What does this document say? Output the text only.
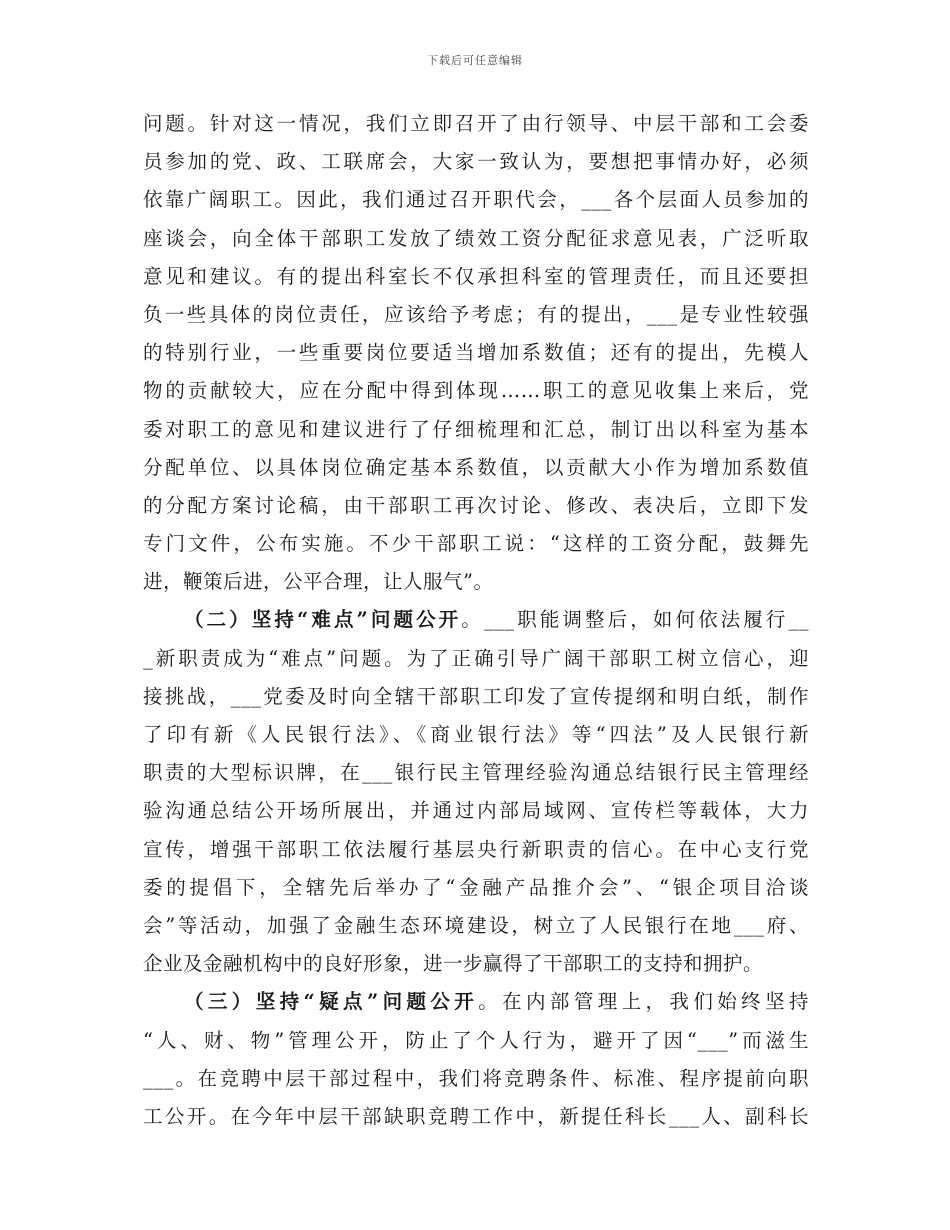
下载后可任意编辑
问题。针对这一情况，我们立即召开了由行领导、中层干部和工会委
员参加的党、政、工联席会，大家一致认为，要想把事情办好，必须
依靠广阔职工。因此，我们通过召开职代会，___各个层面人员参加的
座谈会，向全体干部职工发放了绩效工资分配征求意见表，广泛听取
意见和建议。有的提出科室长不仅承担科室的管理责任，而且还要担
负一些具体的岗位责任，应该给予考虑；有的提出，___是专业性较强
的特别行业，一些重要岗位要适当增加系数值；还有的提出，先模人
物的贡献较大，应在分配中得到体现……职工的意见收集上来后，党
委对职工的意见和建议进行了仔细梳理和汇总，制订出以科室为基本
分配单位、以具体岗位确定基本系数值，以贡献大小作为增加系数值
的分配方案讨论稿，由干部职工再次讨论、修改、表决后，立即下发
专门文件，公布实施。不少干部职工说：“这样的工资分配，鼓舞先
进，鞭策后进，公平合理，让人服气”。
（二）坚持“难点”问题公开。___职能调整后，如何依法履行__
_新职责成为“难点”问题。为了正确引导广阔干部职工树立信心，迎
接挑战，___党委及时向全辖干部职工印发了宣传提纲和明白纸，制作
了印有新《人民银行法》、《商业银行法》等“四法”及人民银行新
职责的大型标识牌，在___银行民主管理经验沟通总结银行民主管理经
验沟通总结公开场所展出，并通过内部局域网、宣传栏等载体，大力
宣传，增强干部职工依法履行基层央行新职责的信心。在中心支行党
委的提倡下，全辖先后举办了“金融产品推介会”、“银企项目洽谈
会”等活动，加强了金融生态环境建设，树立了人民银行在地___府、
企业及金融机构中的良好形象，进一步赢得了干部职工的支持和拥护。
（三）坚持“疑点”问题公开。在内部管理上，我们始终坚持
“人、财、物”管理公开，防止了个人行为，避开了因“___”而滋生
___。在竞聘中层干部过程中，我们将竞聘条件、标准、程序提前向职
工公开。在今年中层干部缺职竞聘工作中，新提任科长___人、副科长
